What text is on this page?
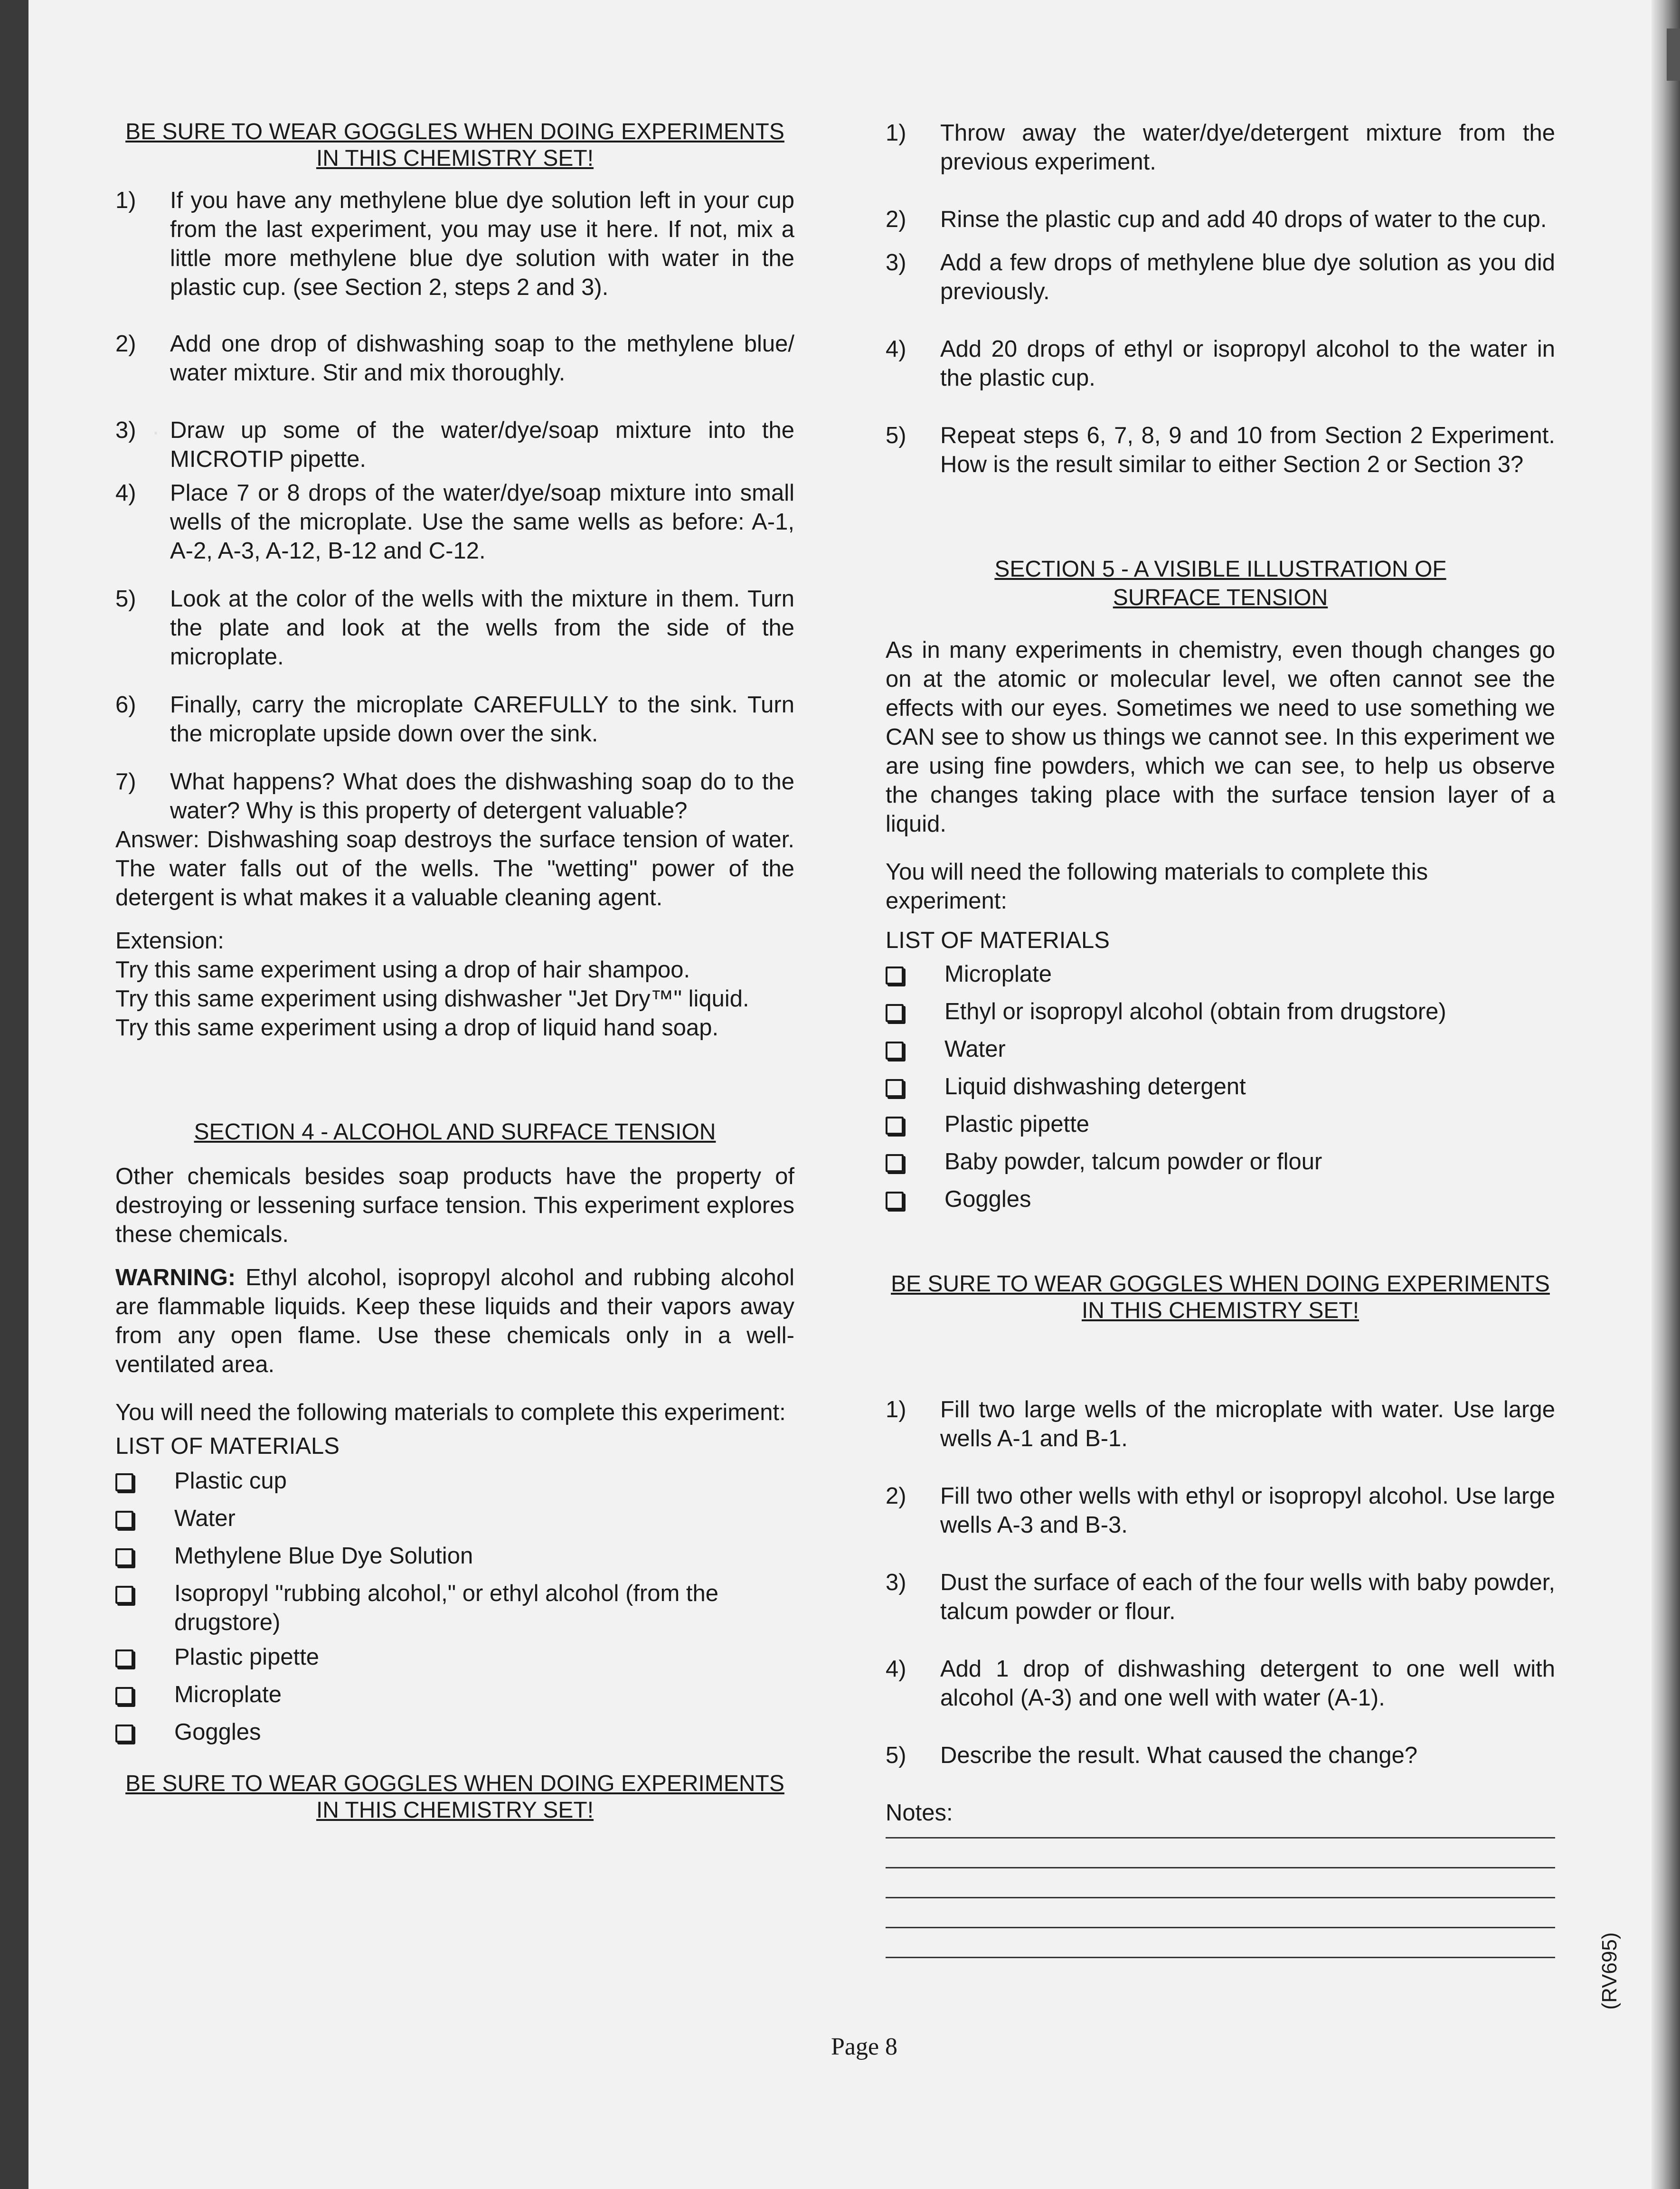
·

BE SURE TO WEAR GOGGLES WHEN DOING EXPERIMENTS IN THIS CHEMISTRY SET!

1)	If you have any methylene blue dye solution left in your cup from the last experiment, you may use it here. If not, mix a little more methylene blue dye solution with water in the plastic cup. (see Section 2, steps 2 and 3).
2)	Add one drop of dishwashing soap to the methylene blue/ water mixture. Stir and mix thoroughly.
3)	Draw up some of the water/dye/soap mixture into the MICROTIP pipette.
4)	Place 7 or 8 drops of the water/dye/soap mixture into small wells of the microplate. Use the same wells as before: A-1, A-2, A-3, A-12, B-12 and C-12.
5)	Look at the color of the wells with the mixture in them. Turn the plate and look at the wells from the side of the microplate.
6)	Finally, carry the microplate CAREFULLY to the sink. Turn the microplate upside down over the sink.
7)	What happens? What does the dishwashing soap do to the water? Why is this property of detergent valuable?

Answer: Dishwashing soap destroys the surface tension of water. The water falls out of the wells. The "wetting" power of the detergent is what makes it a valuable cleaning agent.

Extension:

Try this same experiment using a drop of hair shampoo.

Try this same experiment using dishwasher "Jet Dry™" liquid.

Try this same experiment using a drop of liquid hand soap.

SECTION 4 - ALCOHOL AND SURFACE TENSION

Other chemicals besides soap products have the property of destroying or lessening surface tension. This experiment explores these chemicals.

WARNING: Ethyl alcohol, isopropyl alcohol and rubbing alcohol are flammable liquids. Keep these liquids and their vapors away from any open flame. Use these chemicals only in a well-ventilated area.

You will need the following materials to complete this experiment:

LIST OF MATERIALS

Plastic cup
Water
Methylene Blue Dye Solution
Isopropyl "rubbing alcohol," or ethyl alcohol (from the drugstore)
Plastic pipette
Microplate
Goggles

BE SURE TO WEAR GOGGLES WHEN DOING EXPERIMENTS IN THIS CHEMISTRY SET!

1)	Throw away the water/dye/detergent mixture from the previous experiment.
2)	Rinse the plastic cup and add 40 drops of water to the cup.
3)	Add a few drops of methylene blue dye solution as you did previously.
4)	Add 20 drops of ethyl or isopropyl alcohol to the water in the plastic cup.
5)	Repeat steps 6, 7, 8, 9 and 10 from Section 2 Experiment. How is the result similar to either Section 2 or Section 3?

SECTION 5 - A VISIBLE ILLUSTRATION OF
SURFACE TENSION

As in many experiments in chemistry, even though changes go on at the atomic or molecular level, we often cannot see the effects with our eyes. Sometimes we need to use something we CAN see to show us things we cannot see. In this experiment we are using fine powders, which we can see, to help us observe the changes taking place with the surface tension layer of a liquid.

You will need the following materials to complete this experiment:

LIST OF MATERIALS

Microplate
Ethyl or isopropyl alcohol (obtain from drugstore)
Water
Liquid dishwashing detergent
Plastic pipette
Baby powder, talcum powder or flour
Goggles

BE SURE TO WEAR GOGGLES WHEN DOING EXPERIMENTS IN THIS CHEMISTRY SET!

1)	Fill two large wells of the microplate with water. Use large wells A-1 and B-1.
2)	Fill two other wells with ethyl or isopropyl alcohol. Use large wells A-3 and B-3.
3)	Dust the surface of each of the four wells with baby powder, talcum powder or flour.
4)	Add 1 drop of dishwashing detergent to one well with alcohol (A-3) and one well with water (A-1).
5)	Describe the result. What caused the change?

Notes:

Page 8
(RV695)
